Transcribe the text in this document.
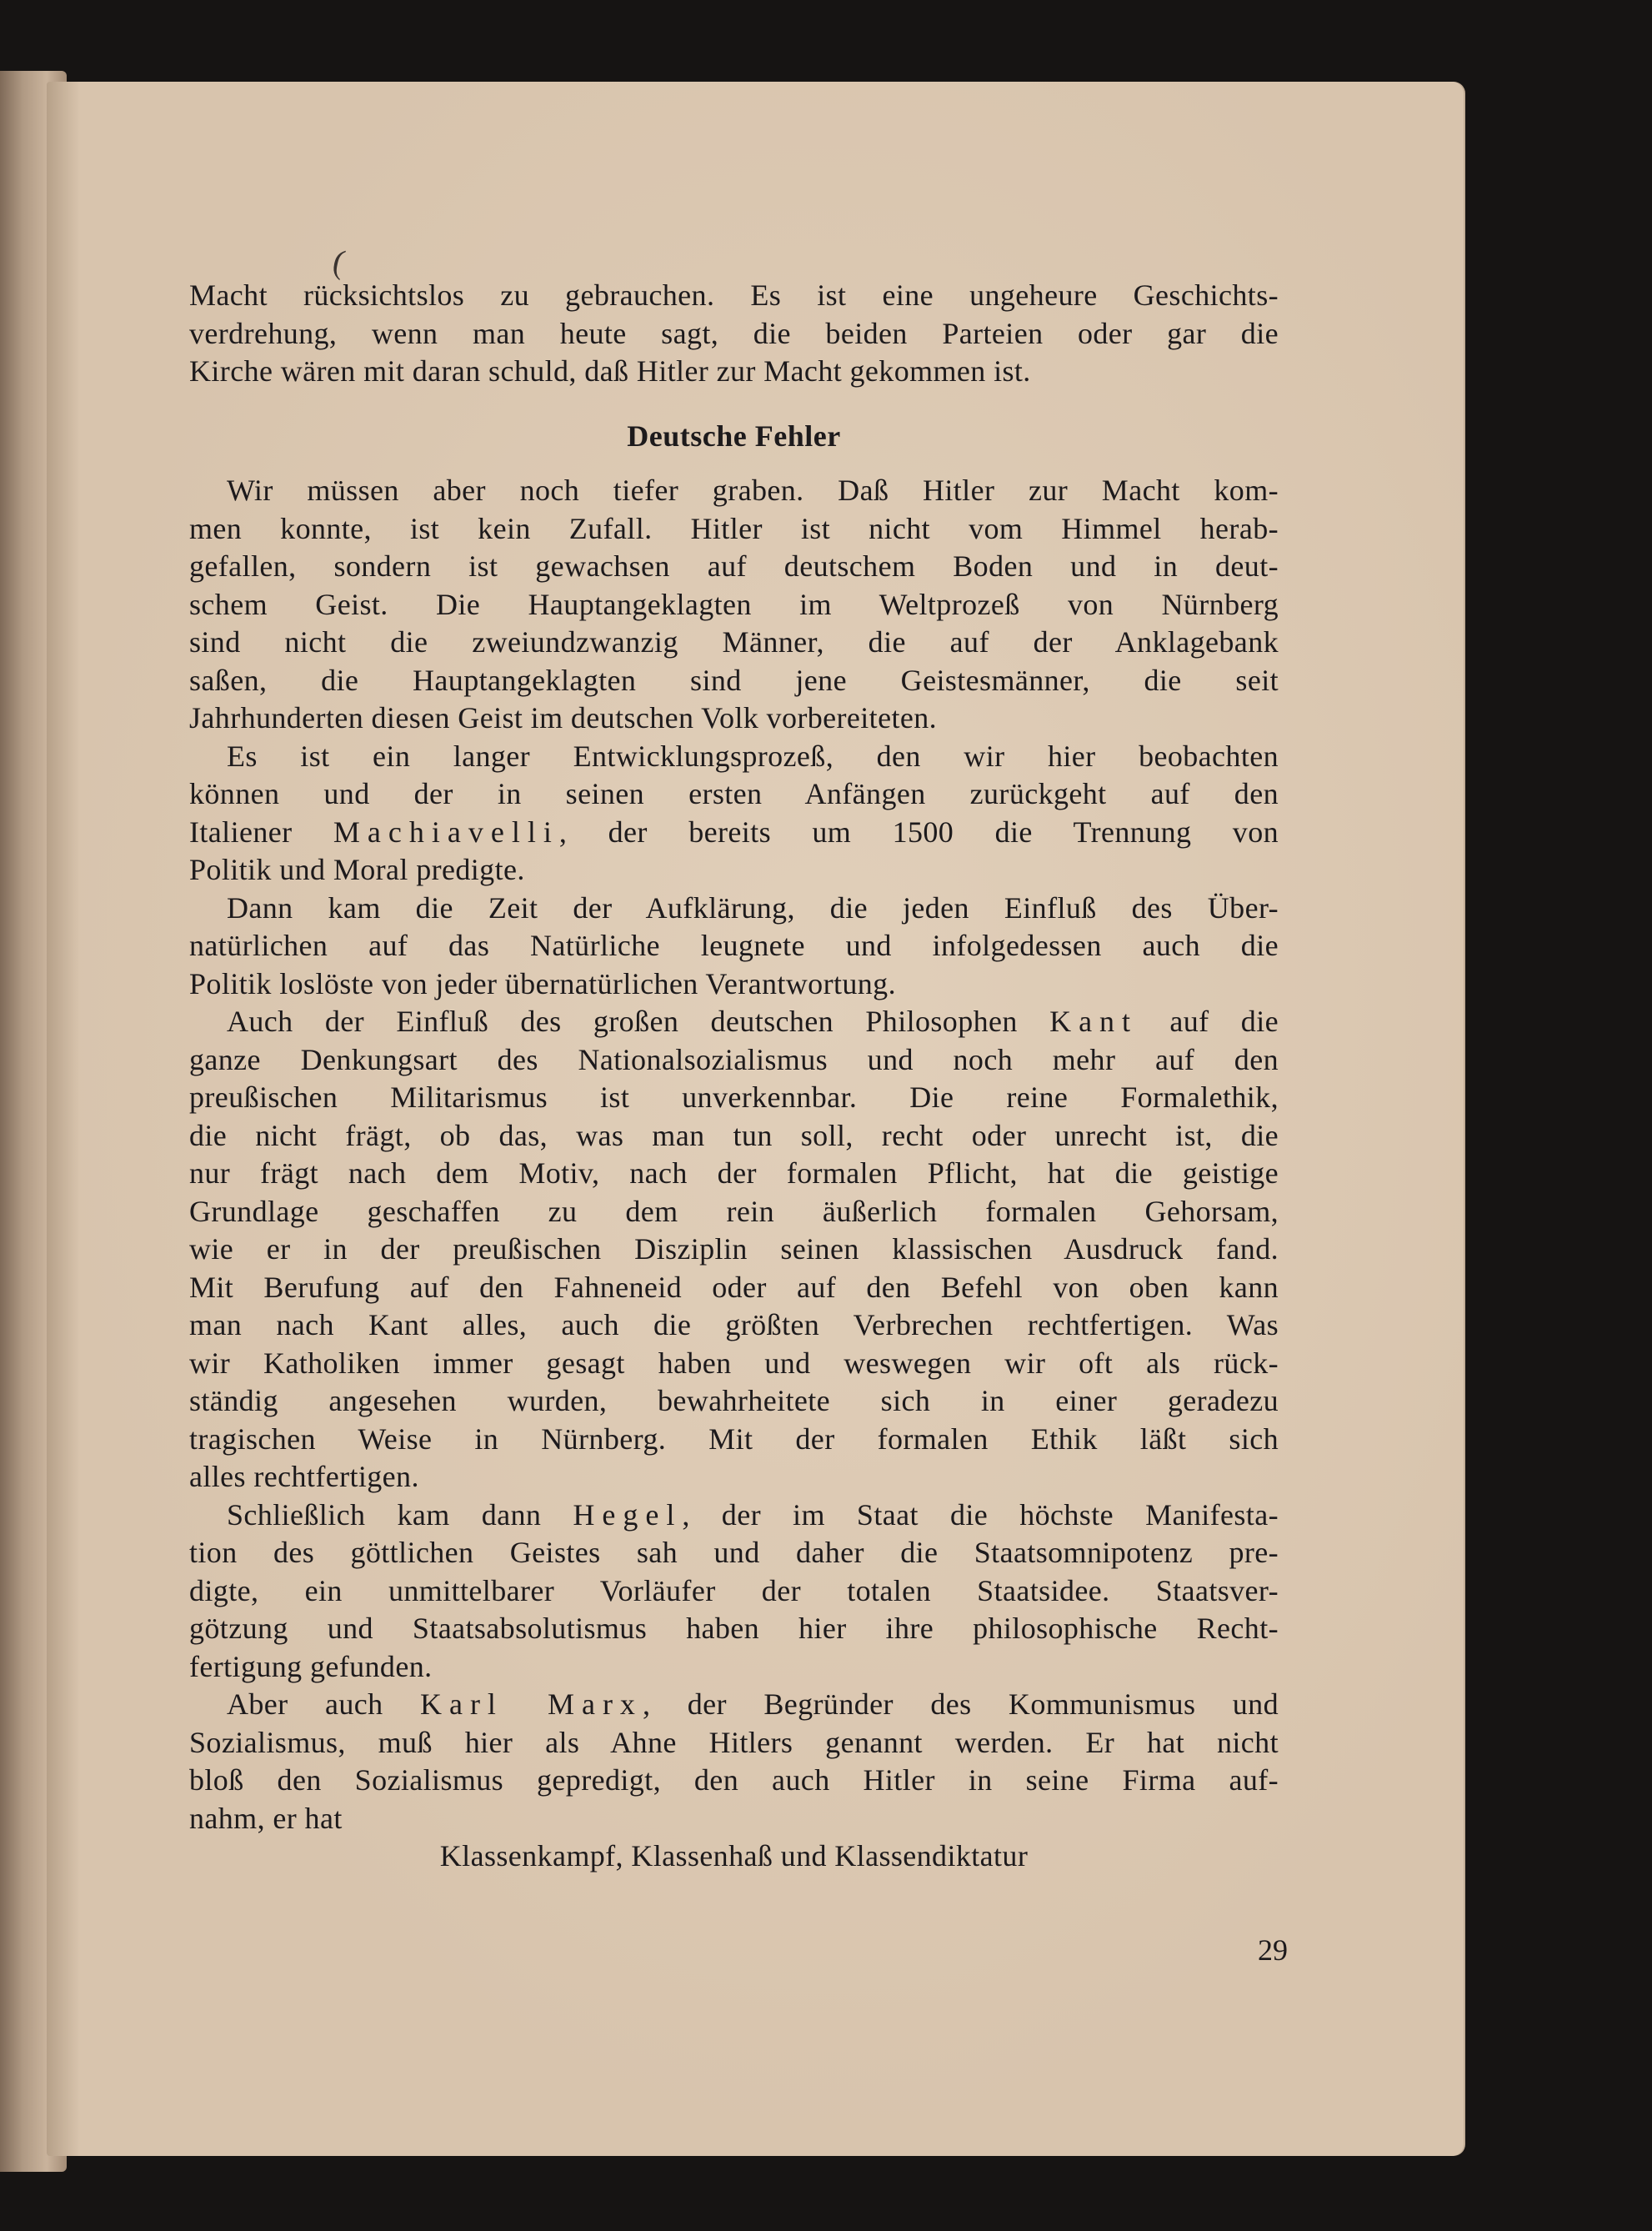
(

Macht rücksichtslos zu gebrauchen. Es ist eine ungeheure Geschichts-

verdrehung, wenn man heute sagt, die beiden Parteien oder gar die

Kirche wären mit daran schuld, daß Hitler zur Macht gekommen ist.

Deutsche Fehler

Wir müssen aber noch tiefer graben. Daß Hitler zur Macht kom-

men konnte, ist kein Zufall. Hitler ist nicht vom Himmel herab-

gefallen, sondern ist gewachsen auf deutschem Boden und in deut-

schem Geist. Die Hauptangeklagten im Weltprozeß von Nürnberg

sind nicht die zweiundzwanzig Männer, die auf der Anklagebank

saßen, die Hauptangeklagten sind jene Geistesmänner, die seit

Jahrhunderten diesen Geist im deutschen Volk vorbereiteten.

Es ist ein langer Entwicklungsprozeß, den wir hier beobachten

können und der in seinen ersten Anfängen zurückgeht auf den

Italiener Machiavelli, der bereits um 1500 die Trennung von

Politik und Moral predigte.

Dann kam die Zeit der Aufklärung, die jeden Einfluß des Über-

natürlichen auf das Natürliche leugnete und infolgedessen auch die

Politik loslöste von jeder übernatürlichen Verantwortung.

Auch der Einfluß des großen deutschen Philosophen Kant auf die

ganze Denkungsart des Nationalsozialismus und noch mehr auf den

preußischen Militarismus ist unverkennbar. Die reine Formalethik,

die nicht frägt, ob das, was man tun soll, recht oder unrecht ist, die

nur frägt nach dem Motiv, nach der formalen Pflicht, hat die geistige

Grundlage geschaffen zu dem rein äußerlich formalen Gehorsam,

wie er in der preußischen Disziplin seinen klassischen Ausdruck fand.

Mit Berufung auf den Fahneneid oder auf den Befehl von oben kann

man nach Kant alles, auch die größten Verbrechen rechtfertigen. Was

wir Katholiken immer gesagt haben und weswegen wir oft als rück-

ständig angesehen wurden, bewahrheitete sich in einer geradezu

tragischen Weise in Nürnberg. Mit der formalen Ethik läßt sich

alles rechtfertigen.

Schließlich kam dann Hegel, der im Staat die höchste Manifesta-

tion des göttlichen Geistes sah und daher die Staatsomnipotenz pre-

digte, ein unmittelbarer Vorläufer der totalen Staatsidee. Staatsver-

götzung und Staatsabsolutismus haben hier ihre philosophische Recht-

fertigung gefunden.

Aber auch Karl Marx, der Begründer des Kommunismus und

Sozialismus, muß hier als Ahne Hitlers genannt werden. Er hat nicht

bloß den Sozialismus gepredigt, den auch Hitler in seine Firma auf-

nahm, er hat

Klassenkampf, Klassenhaß und Klassendiktatur

29
